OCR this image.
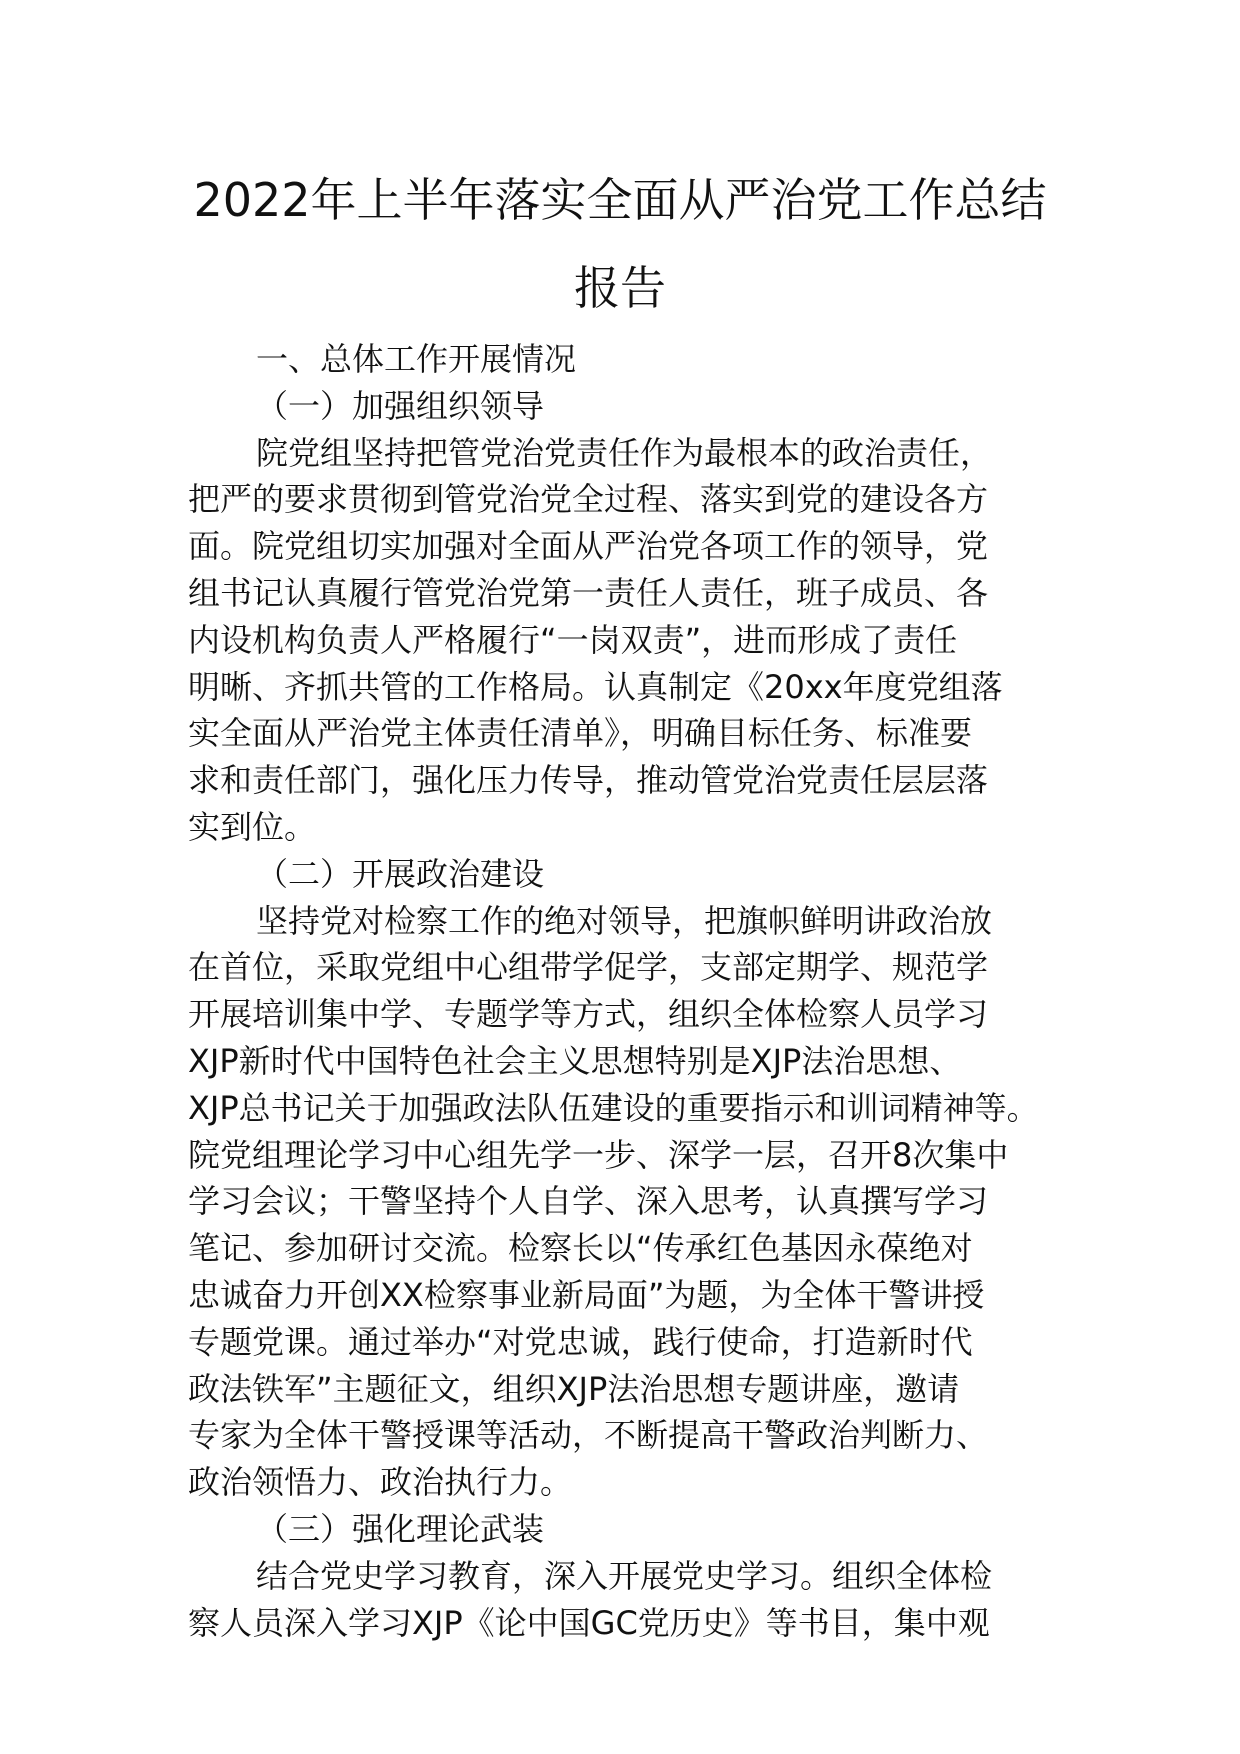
2022年上半年落实全面从严治党工作总结
报告
一、总体工作开展情况
（一）加强组织领导
院党组坚持把管党治党责任作为最根本的政治责任，
把严的要求贯彻到管党治党全过程、落实到党的建设各方
面。院党组切实加强对全面从严治党各项工作的领导，党
组书记认真履行管党治党第一责任人责任，班子成员、各
内设机构负责人严格履行“一岗双责”，进而形成了责任
明晰、齐抓共管的工作格局。认真制定《20xx年度党组落
实全面从严治党主体责任清单》，明确目标任务、标准要
求和责任部门，强化压力传导，推动管党治党责任层层落
实到位。
（二）开展政治建设
坚持党对检察工作的绝对领导，把旗帜鲜明讲政治放
在首位，采取党组中心组带学促学，支部定期学、规范学
开展培训集中学、专题学等方式，组织全体检察人员学习
XJP新时代中国特色社会主义思想特别是XJP法治思想、
XJP总书记关于加强政法队伍建设的重要指示和训词精神等。
院党组理论学习中心组先学一步、深学一层，召开8次集中
学习会议；干警坚持个人自学、深入思考，认真撰写学习
笔记、参加研讨交流。检察长以“传承红色基因永葆绝对
忠诚奋力开创XX检察事业新局面”为题，为全体干警讲授
专题党课。通过举办“对党忠诚，践行使命，打造新时代
政法铁军”主题征文，组织XJP法治思想专题讲座，邀请
专家为全体干警授课等活动，不断提高干警政治判断力、
政治领悟力、政治执行力。
（三）强化理论武装
结合党史学习教育，深入开展党史学习。组织全体检
察人员深入学习XJP《论中国GC党历史》等书目，集中观
